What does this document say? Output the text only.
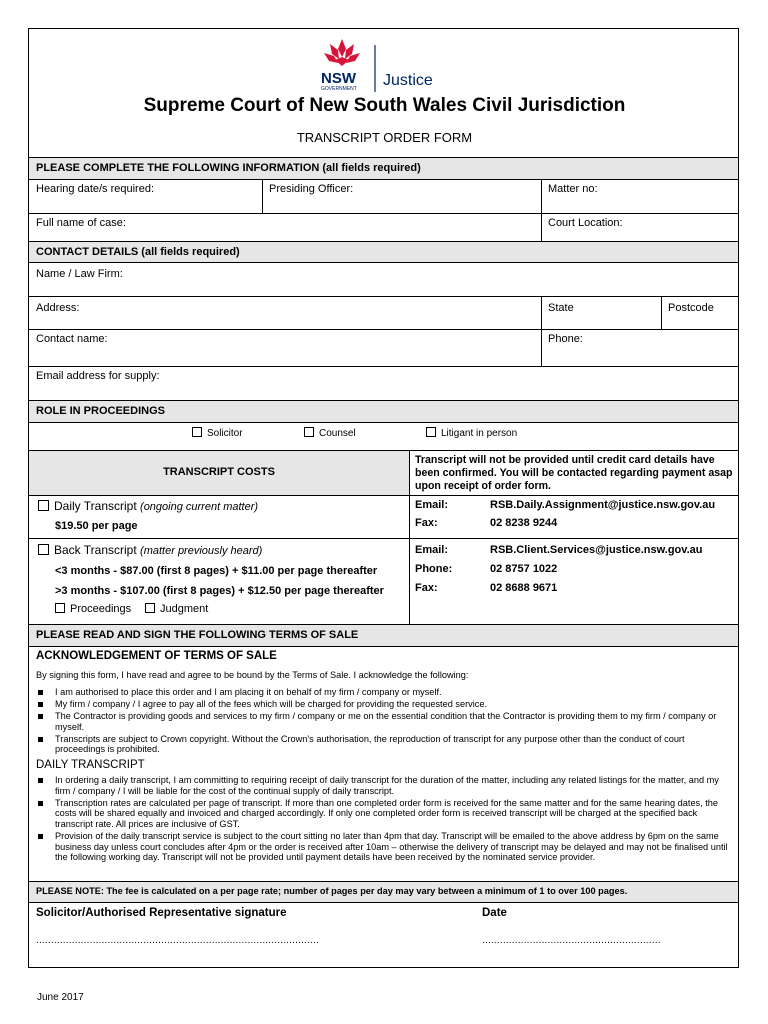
NSW
GOVERNMENT Justice
Supreme Court of New South Wales Civil Jurisdiction
TRANSCRIPT ORDER FORM
PLEASE COMPLETE THE FOLLOWING INFORMATION (all fields required)
Hearing date/s required:	Presiding Officer:	Matter no:
Full name of case:	Court Location:
CONTACT DETAILS (all fields required)
Name / Law Firm:
Address:	State	Postcode
Contact name:	Phone:
Email address for supply:
ROLE IN PROCEEDINGS
Solicitor	Counsel	Litigant in person
TRANSCRIPT COSTS
Transcript will not be provided until credit card details have been confirmed. You will be contacted regarding payment asap upon receipt of order form.
Daily Transcript (ongoing current matter)
$19.50 per page
Email:	RSB.Daily.Assignment@justice.nsw.gov.au
Fax:	02 8238 9244
Back Transcript (matter previously heard)
<3 months - $87.00 (first 8 pages) + $11.00 per page thereafter
>3 months - $107.00 (first 8 pages) + $12.50 per page thereafter
Proceedings	Judgment
Email:	RSB.Client.Services@justice.nsw.gov.au
Phone:	02 8757 1022
Fax:	02 8688 9671
PLEASE READ AND SIGN THE FOLLOWING TERMS OF SALE
ACKNOWLEDGEMENT OF TERMS OF SALE
By signing this form, I have read and agree to be bound by the Terms of Sale. I acknowledge the following:
I am authorised to place this order and I am placing it on behalf of my firm / company or myself.
My firm / company / I agree to pay all of the fees which will be charged for providing the requested service.
The Contractor is providing goods and services to my firm / company or me on the essential condition that the Contractor is providing them to my firm / company or myself.
Transcripts are subject to Crown copyright. Without the Crown's authorisation, the reproduction of transcript for any purpose other than the conduct of court proceedings is prohibited.
DAILY TRANSCRIPT
In ordering a daily transcript, I am committing to requiring receipt of daily transcript for the duration of the matter, including any related listings for the matter, and my firm / company / I will be liable for the cost of the continual supply of daily transcript.
Transcription rates are calculated per page of transcript. If more than one completed order form is received for the same matter and for the same hearing dates, the costs will be shared equally and invoiced and charged accordingly. If only one completed order form is received transcript will be charged at the specified back transcript rate. All prices are inclusive of GST.
Provision of the daily transcript service is subject to the court sitting no later than 4pm that day. Transcript will be emailed to the above address by 6pm on the same business day unless court concludes after 4pm or the order is received after 10am – otherwise the delivery of transcript may be delayed and may not be finalised until the following working day. Transcript will not be provided until payment details have been received by the nominated service provider.
PLEASE NOTE: The fee is calculated on a per page rate; number of pages per day may vary between a minimum of 1 to over 100 pages.
Solicitor/Authorised Representative signature	Date
...............................................................................................	............................................................
June 2017
